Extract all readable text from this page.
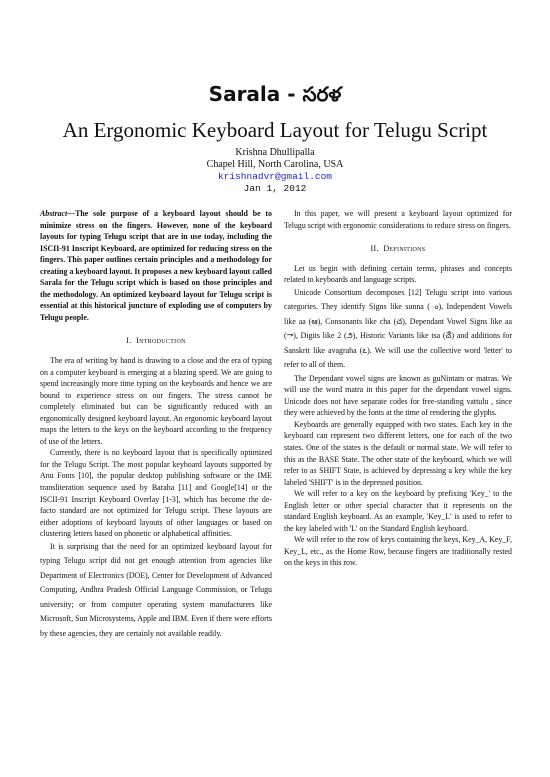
Sarala - సరళ
An Ergonomic Keyboard Layout for Telugu Script
Krishna Dhullipalla
Chapel Hill, North Carolina, USA
krishnadvr@gmail.com
Jan 1, 2012

Abstract—The sole purpose of a keyboard layout should be to minimize stress on the fingers. However, none of the keyboard layouts for typing Telugu script that are in use today, including the ISCII-91 Inscript Keyboard, are optimized for reducing stress on the fingers. This paper outlines certain principles and a methodology for creating a keyboard layout. It proposes a new keyboard layout called Sarala for the Telugu script which is based on those principles and the methodology. An optimized keyboard layout for Telugu script is essential at this historical juncture of exploding use of computers by Telugu people.

I. Introduction

The era of writing by hand is drawing to a close and the era of typing on a computer keyboard is emerging at a blazing speed. We are going to spend increasingly more time typing on the keyboards and hence we are bound to experience stress on our fingers. The stress cannot be completely eliminated but can be significantly reduced with an ergonomically designed keyboard layout. An ergonomic keyboard layout maps the letters to the keys on the keyboard according to the frequency of use of the letters.

Currently, there is no keyboard layout that is specifically optimized for the Telugu Script. The most popular keyboard layouts supported by Anu Fonts [10], the popular desktop publishing software or the IME transliteration sequence used by Baraha [11] and Google[14] or the ISCII-91 Inscript Keyboard Overlay [1-3], which has become the de-facto standard are not optimized for Telugu script. These layouts are either adoptions of keyboard layouts of other languages or based on clustering letters based on phonetic or alphabetical affinities.

It is surprising that the need for an optimized keyboard layout for typing Telugu script did not get enough attention from agencies like Department of Electronics (DOE), Center for Development of Advanced Computing, Andhra Pradesh Official Language Commission, or Telugu university; or from computer operating system manufacturers like Microsoft, Sun Microsystems, Apple and IBM. Even if there were efforts by these agencies, they are certainly not available readily.

In this paper, we will present a keyboard layout optimized for Telugu script with ergonomic considerations to reduce stress on fingers.

II. Definitions

Let us begin with defining certain terms, phrases and concepts related to keyboards and language scripts.

Unicode Consortium decomposes [12] Telugu script into various categories. They identify Signs like sunna (ం), Independent Vowels like aa (ఆ), Consonants like cha (చ), Dependant Vowel Signs like aa (ా), Digits like 2 (౨), Historic Variants like tsa (ౘ) and additions for Sanskrit like avagraha (ఽ). We will use the collective word 'letter' to refer to all of them.

The Dependant vowel signs are known as guNintam or matras. We will use the word matra in this paper for the dependant vowel signs. Unicode does not have separate codes for free-standing vattulu , since they were achieved by the fonts at the time of rendering the glyphs.

Keyboards are generally equipped with two states. Each key in the keyboard can represent two different letters, one for each of the two states. One of the states is the default or normal state. We will refer to this as the BASE State. The other state of the keyboard, which we will refer to as SHIFT State, is achieved by depressing a key while the key labeled 'SHIFT' is in the depressed position.

We will refer to a key on the keyboard by prefixing 'Key_' to the English letter or other special character that it represents on the standard English keyboard. As an example, 'Key_L' is used to refer to the key labeled with 'L' on the Standard English keyboard.

We will refer to the row of keys containing the keys, Key_A, Key_F, Key_L, etc., as the Home Row, because fingers are traditionally rested on the keys in this row.
